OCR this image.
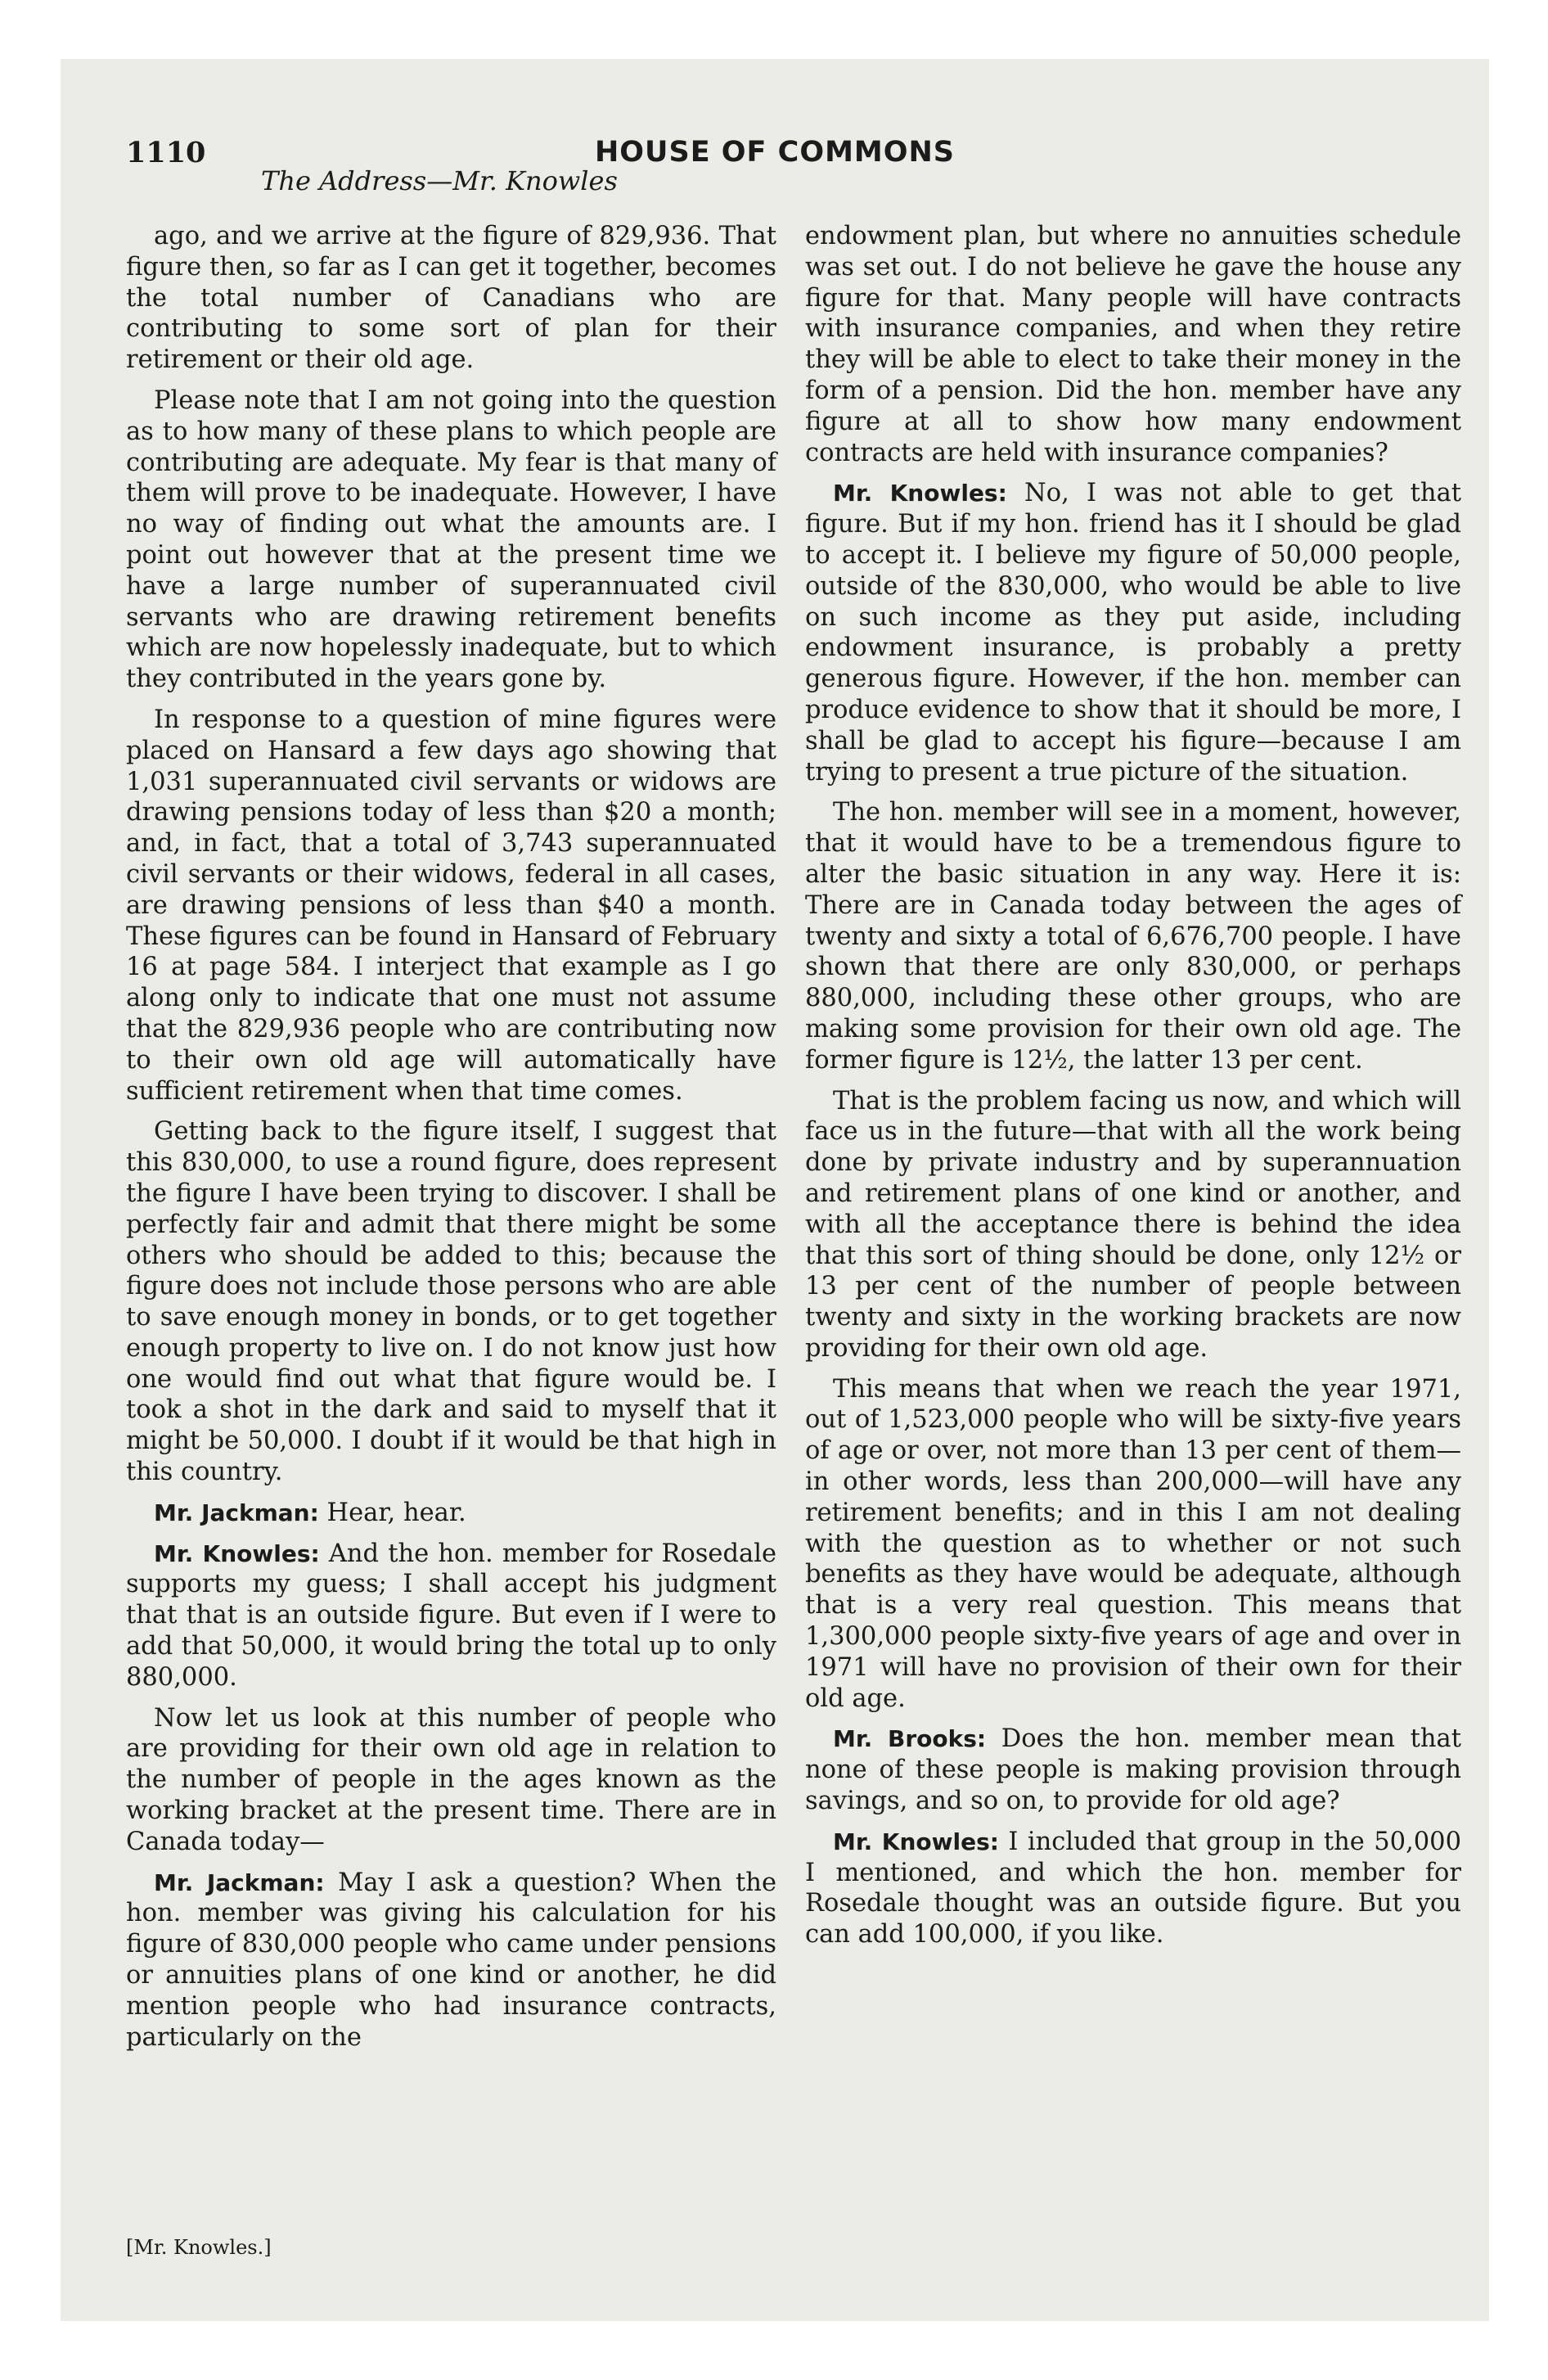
1110	HOUSE OF COMMONS
The Address—Mr. Knowles

ago, and we arrive at the figure of 829,936. That figure then, so far as I can get it together, becomes the total number of Canadians who are contributing to some sort of plan for their retirement or their old age.

Please note that I am not going into the question as to how many of these plans to which people are contributing are adequate. My fear is that many of them will prove to be inadequate. However, I have no way of finding out what the amounts are. I point out however that at the present time we have a large number of superannuated civil servants who are drawing retirement benefits which are now hopelessly inadequate, but to which they contributed in the years gone by.

In response to a question of mine figures were placed on Hansard a few days ago showing that 1,031 superannuated civil servants or widows are drawing pensions today of less than $20 a month; and, in fact, that a total of 3,743 superannuated civil servants or their widows, federal in all cases, are drawing pensions of less than $40 a month. These figures can be found in Hansard of February 16 at page 584. I interject that example as I go along only to indicate that one must not assume that the 829,936 people who are contributing now to their own old age will automatically have sufficient retirement when that time comes.

Getting back to the figure itself, I suggest that this 830,000, to use a round figure, does represent the figure I have been trying to discover. I shall be perfectly fair and admit that there might be some others who should be added to this; because the figure does not include those persons who are able to save enough money in bonds, or to get together enough property to live on. I do not know just how one would find out what that figure would be. I took a shot in the dark and said to myself that it might be 50,000. I doubt if it would be that high in this country.

Mr. Jackman: Hear, hear.

Mr. Knowles: And the hon. member for Rosedale supports my guess; I shall accept his judgment that that is an outside figure. But even if I were to add that 50,000, it would bring the total up to only 880,000.

Now let us look at this number of people who are providing for their own old age in relation to the number of people in the ages known as the working bracket at the present time. There are in Canada today—

Mr. Jackman: May I ask a question? When the hon. member was giving his calculation for his figure of 830,000 people who came under pensions or annuities plans of one kind or another, he did mention people who had insurance contracts, particularly on the

endowment plan, but where no annuities schedule was set out. I do not believe he gave the house any figure for that. Many people will have contracts with insurance companies, and when they retire they will be able to elect to take their money in the form of a pension. Did the hon. member have any figure at all to show how many endowment contracts are held with insurance companies?

Mr. Knowles: No, I was not able to get that figure. But if my hon. friend has it I should be glad to accept it. I believe my figure of 50,000 people, outside of the 830,000, who would be able to live on such income as they put aside, including endowment insurance, is probably a pretty generous figure. However, if the hon. member can produce evidence to show that it should be more, I shall be glad to accept his figure—because I am trying to present a true picture of the situation.

The hon. member will see in a moment, however, that it would have to be a tremendous figure to alter the basic situation in any way. Here it is: There are in Canada today between the ages of twenty and sixty a total of 6,676,700 people. I have shown that there are only 830,000, or perhaps 880,000, including these other groups, who are making some provision for their own old age. The former figure is 12½, the latter 13 per cent.

That is the problem facing us now, and which will face us in the future—that with all the work being done by private industry and by superannuation and retirement plans of one kind or another, and with all the acceptance there is behind the idea that this sort of thing should be done, only 12½ or 13 per cent of the number of people between twenty and sixty in the working brackets are now providing for their own old age.

This means that when we reach the year 1971, out of 1,523,000 people who will be sixty-five years of age or over, not more than 13 per cent of them—in other words, less than 200,000—will have any retirement benefits; and in this I am not dealing with the question as to whether or not such benefits as they have would be adequate, although that is a very real question. This means that 1,300,000 people sixty-five years of age and over in 1971 will have no provision of their own for their old age.

Mr. Brooks: Does the hon. member mean that none of these people is making provision through savings, and so on, to provide for old age?

Mr. Knowles: I included that group in the 50,000 I mentioned, and which the hon. member for Rosedale thought was an outside figure. But you can add 100,000, if you like.

[Mr. Knowles.]
